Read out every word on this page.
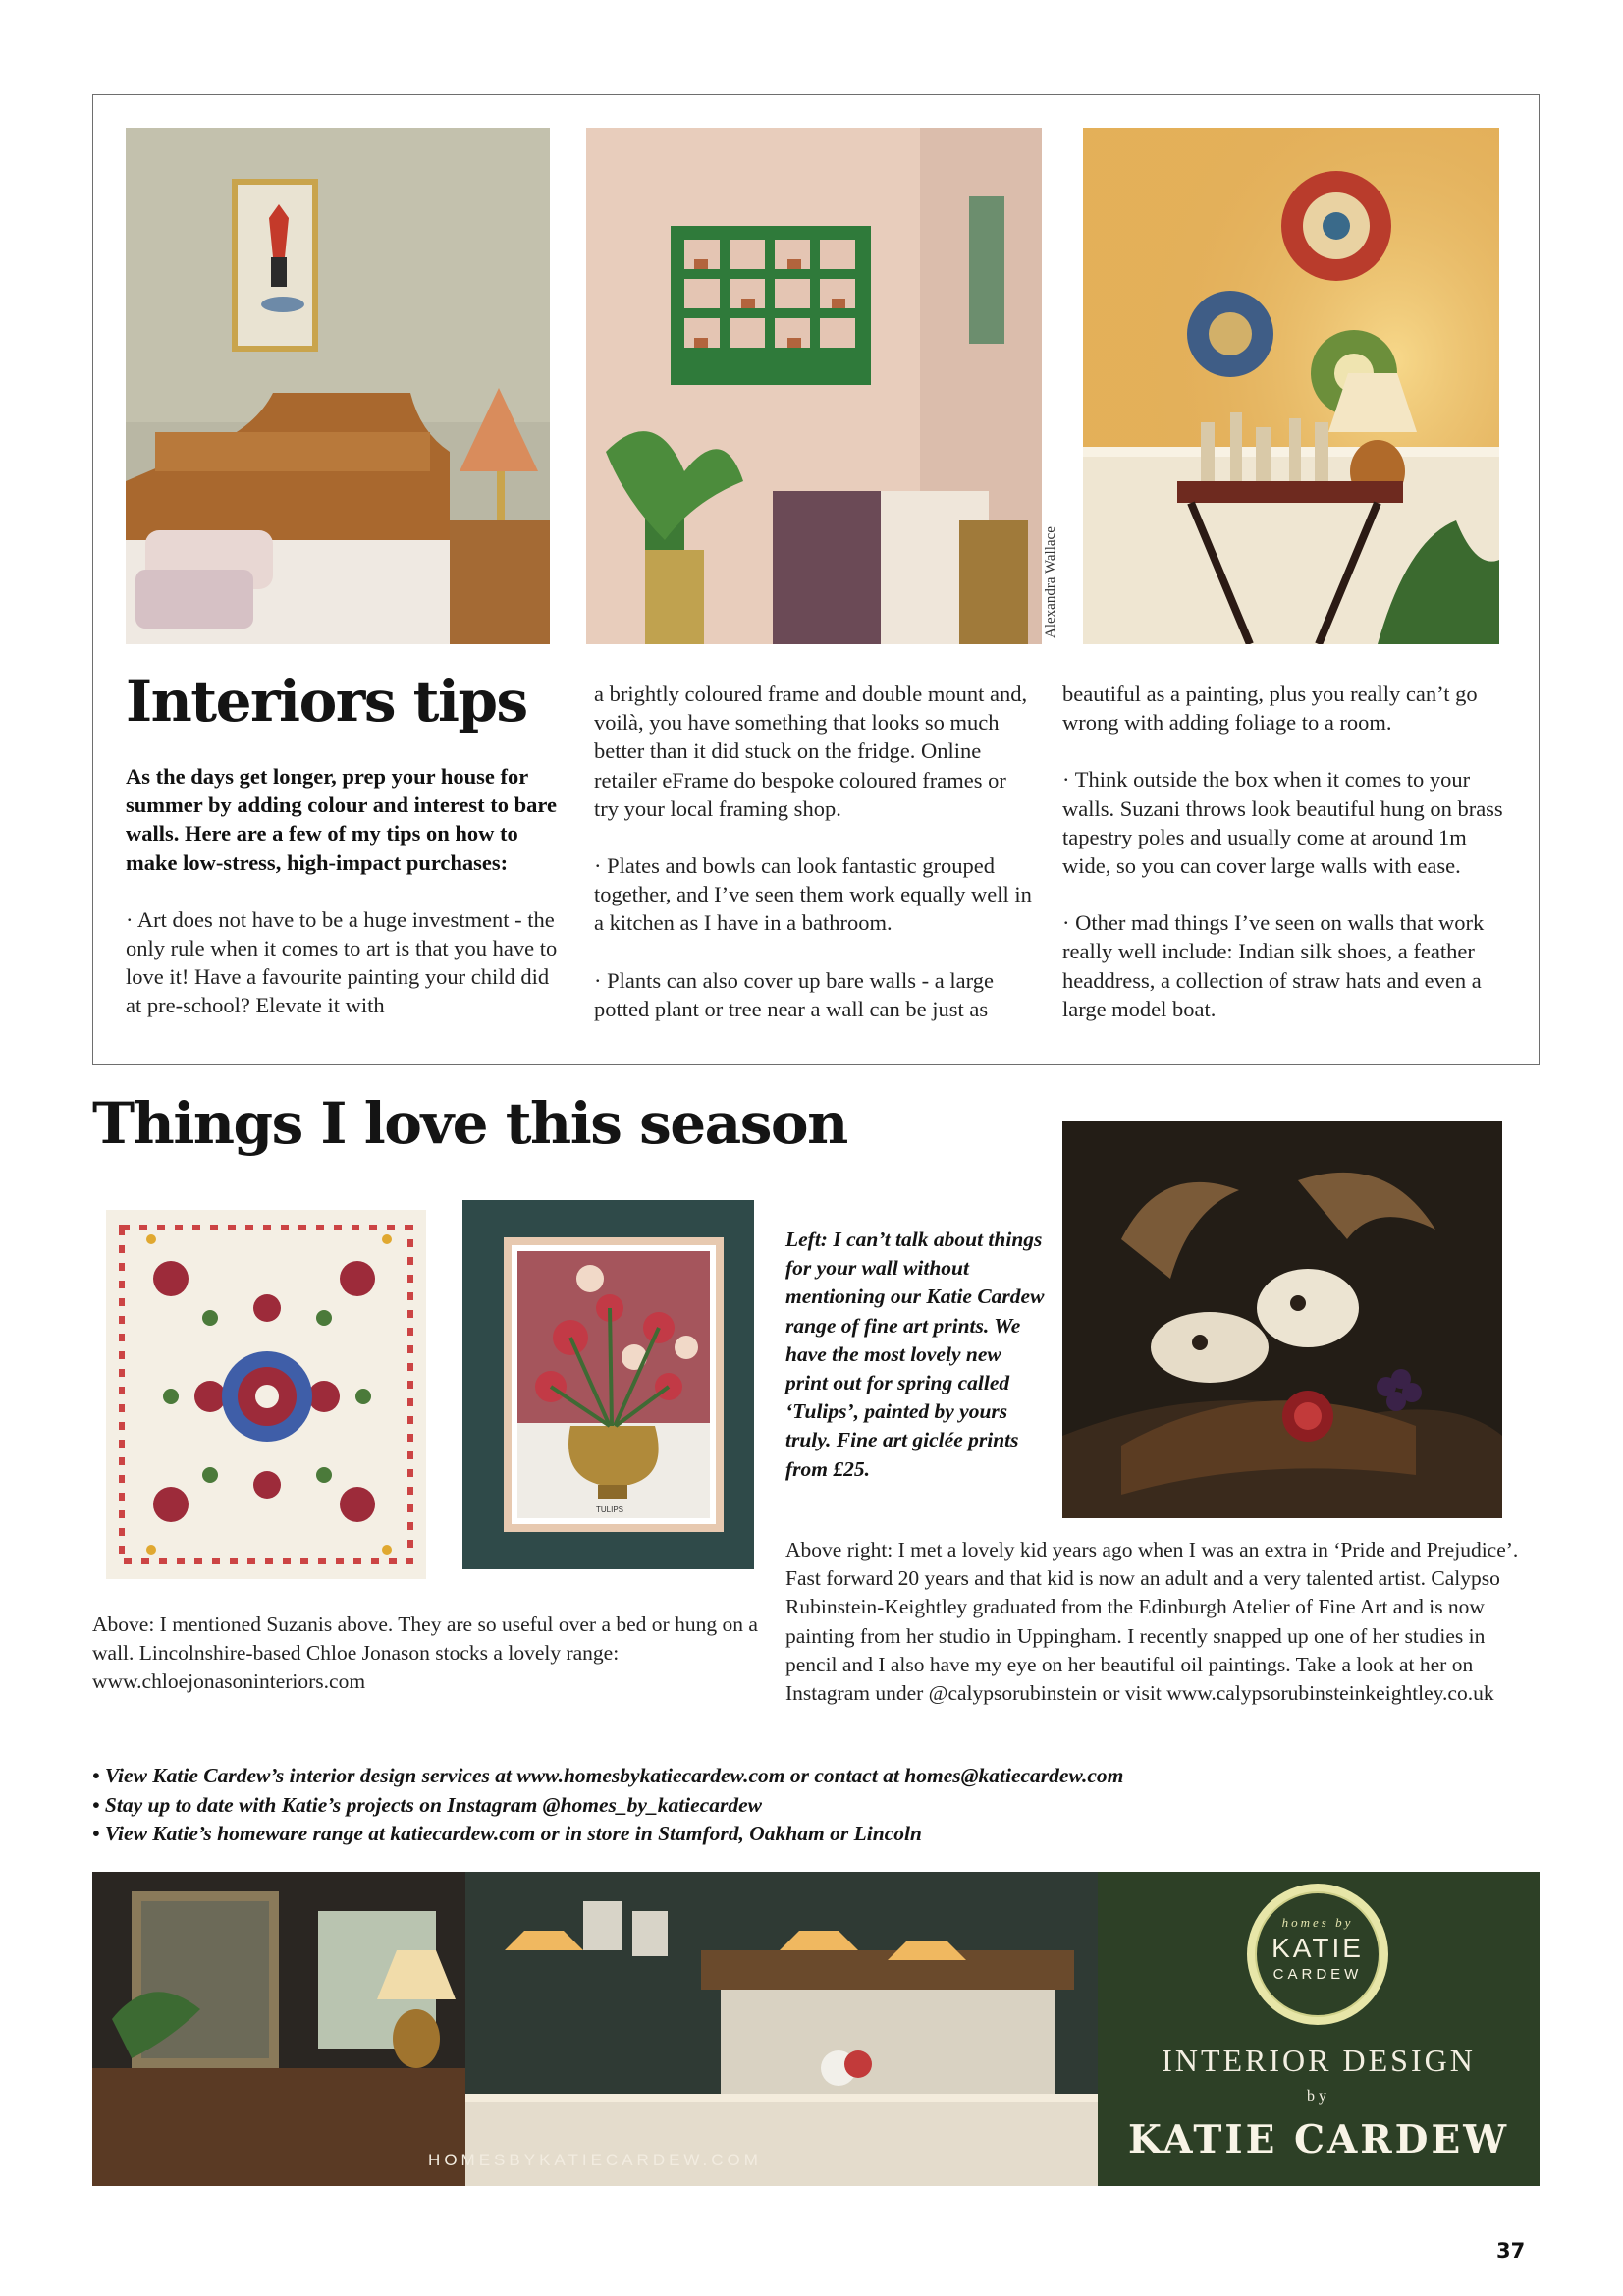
Alexandra Wallace
Interiors tips

As the days get longer, prep your house for summer by adding colour and interest to bare walls. Here are a few of my tips on how to make low-stress, high-impact purchases:

· Art does not have to be a huge investment - the only rule when it comes to art is that you have to love it! Have a favourite painting your child did at pre-school? Elevate it with

a brightly coloured frame and double mount and, voilà, you have something that looks so much better than it did stuck on the fridge. Online retailer eFrame do bespoke coloured frames or try your local framing shop.

· Plates and bowls can look fantastic grouped together, and I’ve seen them work equally well in a kitchen as I have in a bathroom.

· Plants can also cover up bare walls - a large potted plant or tree near a wall can be just as

beautiful as a painting, plus you really can’t go wrong with adding foliage to a room.

· Think outside the box when it comes to your walls. Suzani throws look beautiful hung on brass tapestry poles and usually come at around 1m wide, so you can cover large walls with ease.

· Other mad things I’ve seen on walls that work really well include: Indian silk shoes, a feather headdress, a collection of straw hats and even a large model boat.

Things I love this season
TULIPS
Left: I can’t talk about things for your wall without mentioning our Katie Cardew range of fine art prints. We have the most lovely new print out for spring called ‘Tulips’, painted by yours truly. Fine art giclée prints from £25.
Above: I mentioned Suzanis above. They are so useful over a bed or hung on a wall. Lincolnshire-based Chloe Jonason stocks a lovely range: www.chloejonasoninteriors.com
Above right: I met a lovely kid years ago when I was an extra in ‘Pride and Prejudice’. Fast forward 20 years and that kid is now an adult and a very talented artist. Calypso Rubinstein-Keightley graduated from the Edinburgh Atelier of Fine Art and is now painting from her studio in Uppingham. I recently snapped up one of her studies in pencil and I also have my eye on her beautiful oil paintings. Take a look at her on Instagram under @calypsorubinstein or visit www.calypsorubinsteinkeightley.co.uk
• View Katie Cardew’s interior design services at www.homesbykatiecardew.com or contact at homes@katiecardew.com
• Stay up to date with Katie’s projects on Instagram @homes_by_katiecardew
• View Katie’s homeware range at katiecardew.com or in store in Stamford, Oakham or Lincoln
HOMESBYKATIECARDEW.COM
homes by
KATIE
CARDEW
INTERIOR DESIGN
by
KATIE CARDEW
37
